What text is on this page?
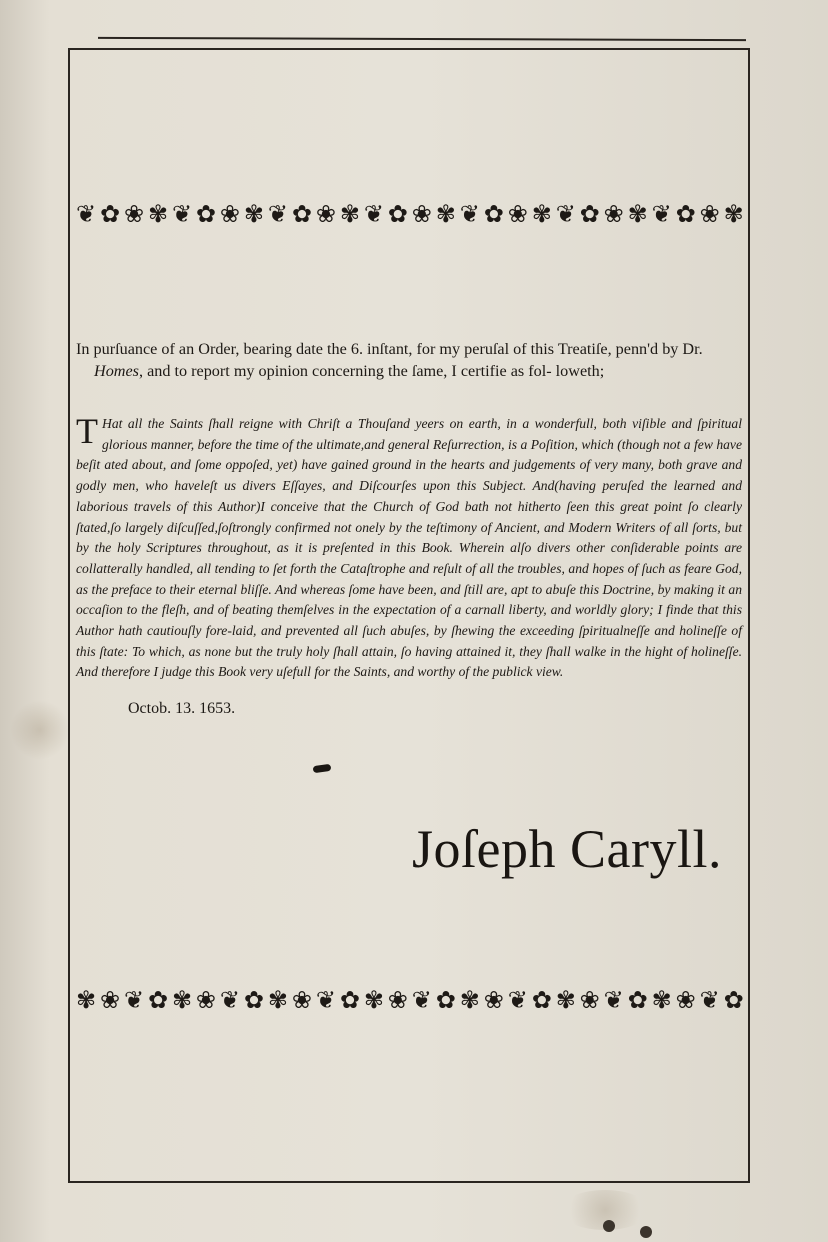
❦ ✿ ❀ ✾ ❦ ✿ ❀ ✾ ❦ ✿ ❀ ✾ ❦ ✿ ❀ ✾ ❦ ✿ ❀ ✾ ❦ ✿ ❀ ✾ ❦ ✿ ❀ ✾
In purſuance of an Order, bearing date the 6. inſtant, for my peruſal of this Treatiſe, penn'd by Dr. Homes, and to report my opinion concerning the ſame, I certifie as fol- loweth;
T Hat all the Saints ſhall reigne with Chriſt a Thouſand yeers on earth, in a wonderfull, both viſible and ſpiritual glorious manner, before the time of the ultimate,and general Reſurrection, is a Poſition, which (though not a few have beſit ated about, and ſome oppoſed, yet) have gained ground in the hearts and judgements of very many, both grave and godly men, who haveleſt us divers Eſſayes, and Diſcourſes upon this Subject. And(having peruſed the learned and laborious travels of this Author)I conceive that the Church of God bath not hitherto ſeen this great point ſo clearly ſtated,ſo largely diſcuſſed,ſoſtrongly confirmed not onely by the teſtimony of Ancient, and Modern Writers of all ſorts, but by the holy Scriptures throughout, as it is preſented in this Book. Wherein alſo divers other conſiderable points are collatterally handled, all tending to ſet forth the Cataſtrophe and reſult of all the troubles, and hopes of ſuch as feare God, as the preface to their eternal bliſſe. And whereas ſome have been, and ſtill are, apt to abuſe this Doctrine, by making it an occaſion to the fleſh, and of beating themſelves in the expectation of a carnall liberty, and worldly glory; I finde that this Author hath cautiouſly fore-laid, and prevented all ſuch abuſes, by ſhewing the exceeding ſpiritualneſſe and holineſſe of this ſtate: To which, as none but the truly holy ſhall attain, ſo having attained it, they ſhall walke in the hight of holineſſe. And therefore I judge this Book very uſefull for the Saints, and worthy of the publick view.
Octob. 13. 1653.
Joſeph Caryll.
✾ ❀ ❦ ✿ ✾ ❀ ❦ ✿ ✾ ❀ ❦ ✿ ✾ ❀ ❦ ✿ ✾ ❀ ❦ ✿ ✾ ❀ ❦ ✿ ✾ ❀ ❦ ✿
